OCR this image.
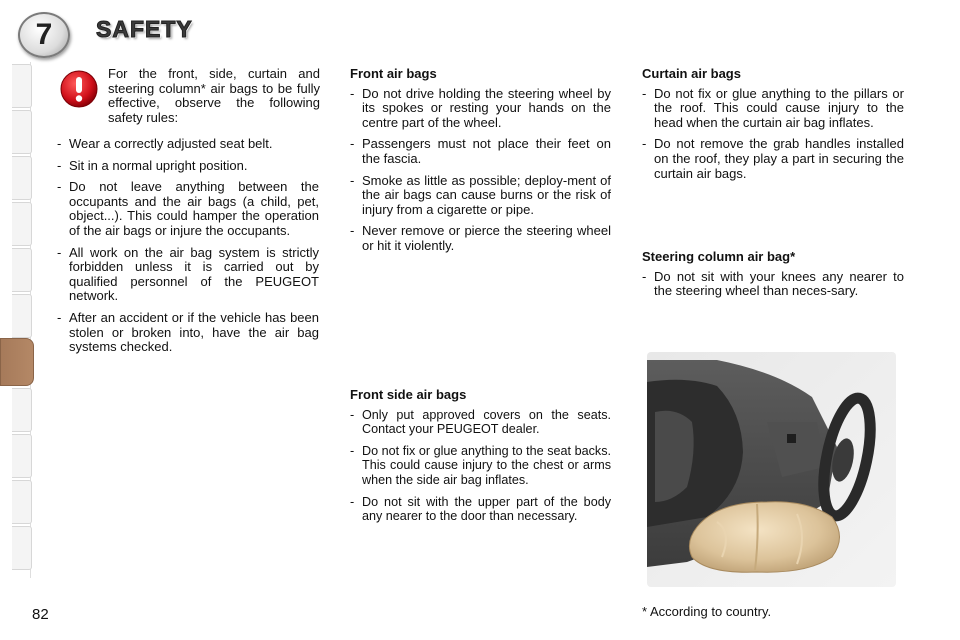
7	SAFETY
For the front, side, curtain and steering column* air bags to be fully effective, observe the following safety rules:
- Wear a correctly adjusted seat belt.
- Sit in a normal upright position.
- Do not leave anything between the occupants and the air bags (a child, pet, object...). This could hamper the operation of the air bags or injure the occupants.
- All work on the air bag system is strictly forbidden unless it is carried out by qualified personnel of the PEUGEOT network.
- After an accident or if the vehicle has been stolen or broken into, have the air bag systems checked.
Front air bags
- Do not drive holding the steering wheel by its spokes or resting your hands on the centre part of the wheel.
- Passengers must not place their feet on the fascia.
- Smoke as little as possible; deploy-ment of the air bags can cause burns or the risk of injury from a cigarette or pipe.
- Never remove or pierce the steering wheel or hit it violently.
Front side air bags
- Only put approved covers on the seats. Contact your PEUGEOT dealer.
- Do not fix or glue anything to the seat backs. This could cause injury to the chest or arms when the side air bag inflates.
- Do not sit with the upper part of the body any nearer to the door than necessary.
Curtain air bags
- Do not fix or glue anything to the pillars or the roof. This could cause injury to the head when the curtain air bag inflates.
- Do not remove the grab handles installed on the roof, they play a part in securing the curtain air bags.
Steering column air bag*
- Do not sit with your knees any nearer to the steering wheel than neces-sary.
* According to country.
82
